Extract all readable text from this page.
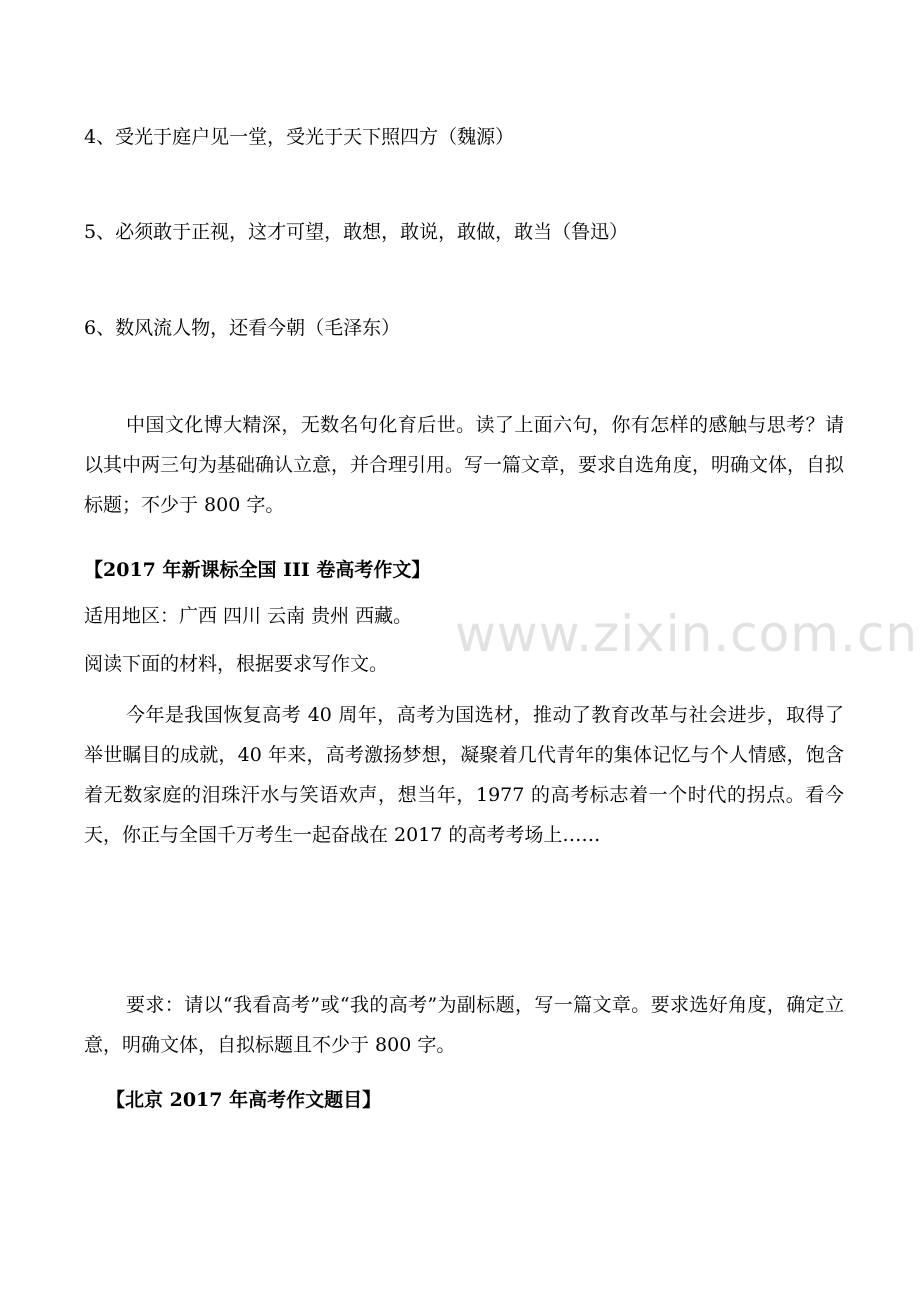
www.zixin.com.cn
4、受光于庭户见一堂，受光于天下照四方（魏源）
5、必须敢于正视，这才可望，敢想，敢说，敢做，敢当（鲁迅）
6、数风流人物，还看今朝（毛泽东）
中国文化博大精深，无数名句化育后世。读了上面六句，你有怎样的感触与思考？请以其中两三句为基础确认立意，并合理引用。写一篇文章，要求自选角度，明确文体，自拟标题；不少于 800 字。
【2017 年新课标全国 III 卷高考作文】
适用地区：广西 四川 云南 贵州 西藏。
阅读下面的材料，根据要求写作文。
今年是我国恢复高考 40 周年，高考为国选材，推动了教育改革与社会进步，取得了举世瞩目的成就，40 年来，高考激扬梦想，凝聚着几代青年的集体记忆与个人情感，饱含着无数家庭的泪珠汗水与笑语欢声，想当年，1977 的高考标志着一个时代的拐点。看今天，你正与全国千万考生一起奋战在 2017 的高考考场上……
要求：请以“我看高考”或“我的高考”为副标题，写一篇文章。要求选好角度，确定立意，明确文体，自拟标题且不少于 800 字。
【北京 2017 年高考作文题目】
